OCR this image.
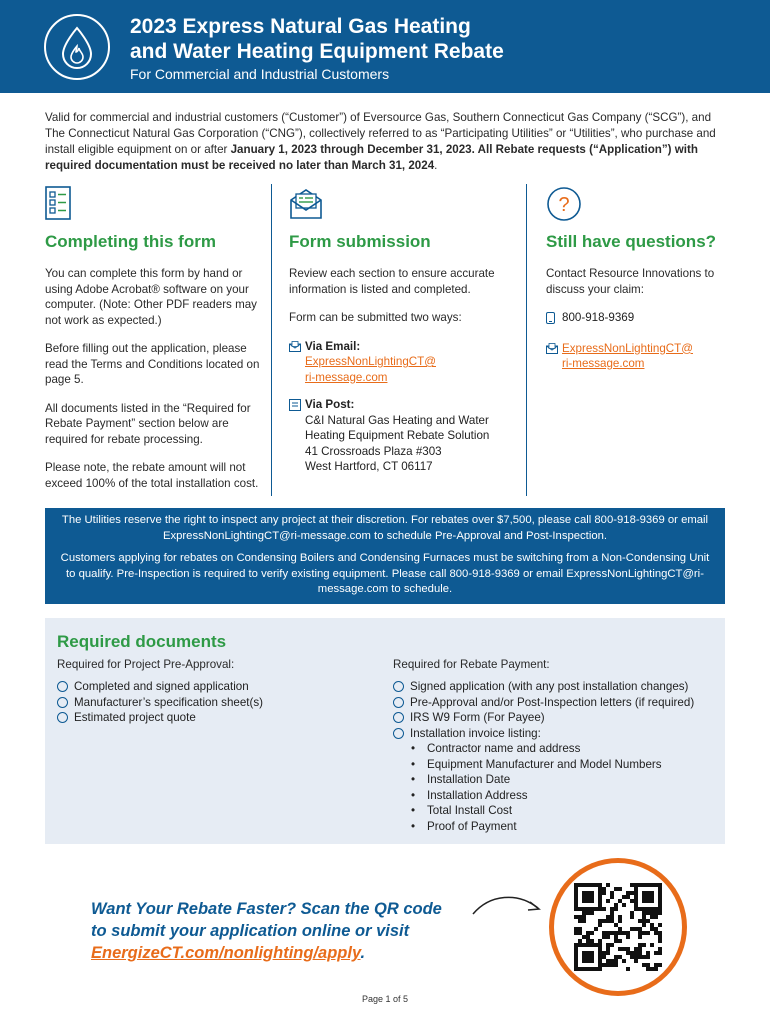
2023 Express Natural Gas Heating
and Water Heating Equipment Rebate
For Commercial and Industrial Customers
Valid for commercial and industrial customers (“Customer”) of Eversource Gas, Southern Connecticut Gas Company (“SCG”), and The Connecticut Natural Gas Corporation (“CNG”), collectively referred to as “Participating Utilities” or “Utilities”, who purchase and install eligible equipment on or after January 1, 2023 through December 31, 2023. All Rebate requests (“Application”) with required documentation must be received no later than March 31, 2024.
Completing this form

You can complete this form by hand or using Adobe Acrobat® software on your computer. (Note: Other PDF readers may not work as expected.)

Before filling out the application, please read the Terms and Conditions located on page 5.

All documents listed in the “Required for Rebate Payment” section below are required for rebate processing.

Please note, the rebate amount will not exceed 100% of the total installation cost.

Form submission

Review each section to ensure accurate information is listed and completed.

Form can be submitted two ways:

Via Email:
ExpressNonLightingCT@
ri-message.com
Via Post:
C&I Natural Gas Heating and Water
Heating Equipment Rebate Solution
41 Crossroads Plaza #303
West Hartford, CT 06117
?
Still have questions?

Contact Resource Innovations to discuss your claim:

800-918-9369
ExpressNonLightingCT@
ri-message.com

The Utilities reserve the right to inspect any project at their discretion. For rebates over $7,500, please call 800-918-9369 or email ExpressNonLightingCT@ri-message.com to schedule Pre-Approval and Post-Inspection.

Customers applying for rebates on Condensing Boilers and Condensing Furnaces must be switching from a Non-Condensing Unit to qualify. Pre-Inspection is required to verify existing equipment. Please call 800-918-9369 or email ExpressNonLightingCT@ri-message.com to schedule.

Required documents
Required for Project Pre-Approval:
Completed and signed application
Manufacturer’s specification sheet(s)
Estimated project quote
Required for Rebate Payment:
Signed application (with any post installation changes)
Pre-Approval and/or Post-Inspection letters (if required)
IRS W9 Form (For Payee)
Installation invoice listing:
•	Contractor name and address
•	Equipment Manufacturer and Model Numbers
•	Installation Date
•	Installation Address
•	Total Install Cost
•	Proof of Payment
Want Your Rebate Faster? Scan the QR code
to submit your application online or visit
EnergizeCT.com/nonlighting/apply.
Page 1 of 5
